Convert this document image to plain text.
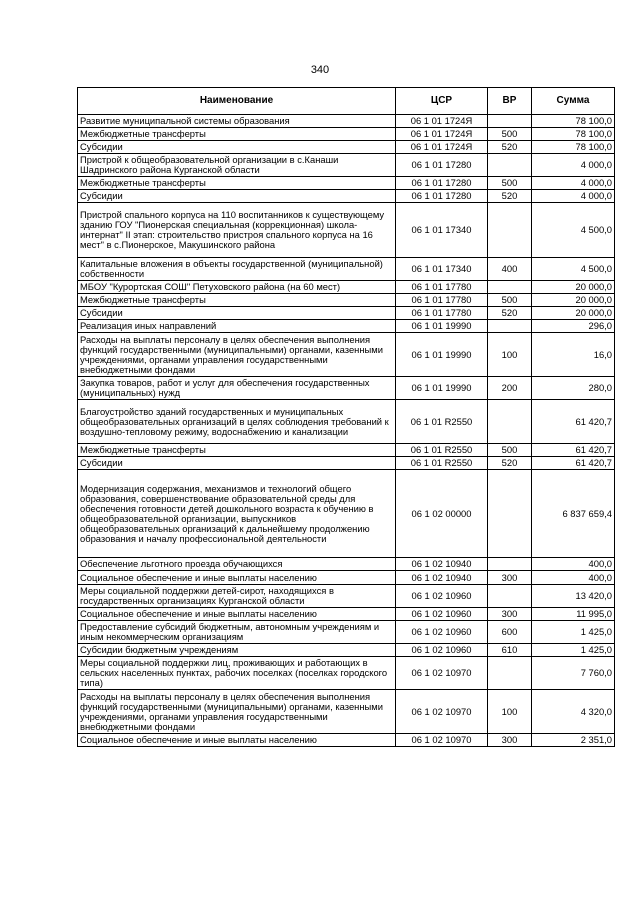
340
Наименование	ЦСР	ВР	Сумма
Развитие муниципальной системы образования	06 1 01 1724Я		78 100,0
Межбюджетные трансферты	06 1 01 1724Я	500	78 100,0
Субсидии	06 1 01 1724Я	520	78 100,0
Пристрой к общеобразовательной организации в с.Канаши Шадринского района Курганской области	06 1 01 17280		4 000,0
Межбюджетные трансферты	06 1 01 17280	500	4 000,0
Субсидии	06 1 01 17280	520	4 000,0
Пристрой спального корпуса на 110 воспитанников к существующему зданию ГОУ "Пионерская специальная (коррекционная) школа-интернат" II этап: строительство пристроя спального корпуса на 16 мест" в с.Пионерское, Макушинского района	06 1 01 17340		4 500,0
Капитальные вложения в объекты государственной (муниципальной) собственности	06 1 01 17340	400	4 500,0
МБОУ "Курортская СОШ" Петуховского района (на 60 мест)	06 1 01 17780		20 000,0
Межбюджетные трансферты	06 1 01 17780	500	20 000,0
Субсидии	06 1 01 17780	520	20 000,0
Реализация иных направлений	06 1 01 19990		296,0
Расходы на выплаты персоналу в целях обеспечения выполнения функций государственными (муниципальными) органами, казенными учреждениями, органами управления государственными внебюджетными фондами	06 1 01 19990	100	16,0
Закупка товаров, работ и услуг для обеспечения государственных (муниципальных) нужд	06 1 01 19990	200	280,0
Благоустройство зданий государственных и муниципальных общеобразовательных организаций в целях соблюдения требований к воздушно-тепловому режиму, водоснабжению и канализации	06 1 01 R2550		61 420,7
Межбюджетные трансферты	06 1 01 R2550	500	61 420,7
Субсидии	06 1 01 R2550	520	61 420,7
Модернизация содержания, механизмов и технологий общего образования, совершенствование образовательной среды для обеспечения готовности детей дошкольного возраста к обучению в общеобразовательной организации, выпускников общеобразовательных организаций к дальнейшему продолжению образования и началу профессиональной деятельности	06 1 02 00000		6 837 659,4
Обеспечение льготного проезда обучающихся	06 1 02 10940		400,0
Социальное обеспечение и иные выплаты населению	06 1 02 10940	300	400,0
Меры социальной поддержки детей-сирот, находящихся в государственных организациях Курганской области	06 1 02 10960		13 420,0
Социальное обеспечение и иные выплаты населению	06 1 02 10960	300	11 995,0
Предоставление субсидий бюджетным, автономным учреждениям и иным некоммерческим организациям	06 1 02 10960	600	1 425,0
Субсидии бюджетным учреждениям	06 1 02 10960	610	1 425,0
Меры социальной поддержки лиц, проживающих и работающих в сельских населенных пунктах, рабочих поселках (поселках городского типа)	06 1 02 10970		7 760,0
Расходы на выплаты персоналу в целях обеспечения выполнения функций государственными (муниципальными) органами, казенными учреждениями, органами управления государственными внебюджетными фондами	06 1 02 10970	100	4 320,0
Социальное обеспечение и иные выплаты населению	06 1 02 10970	300	2 351,0
